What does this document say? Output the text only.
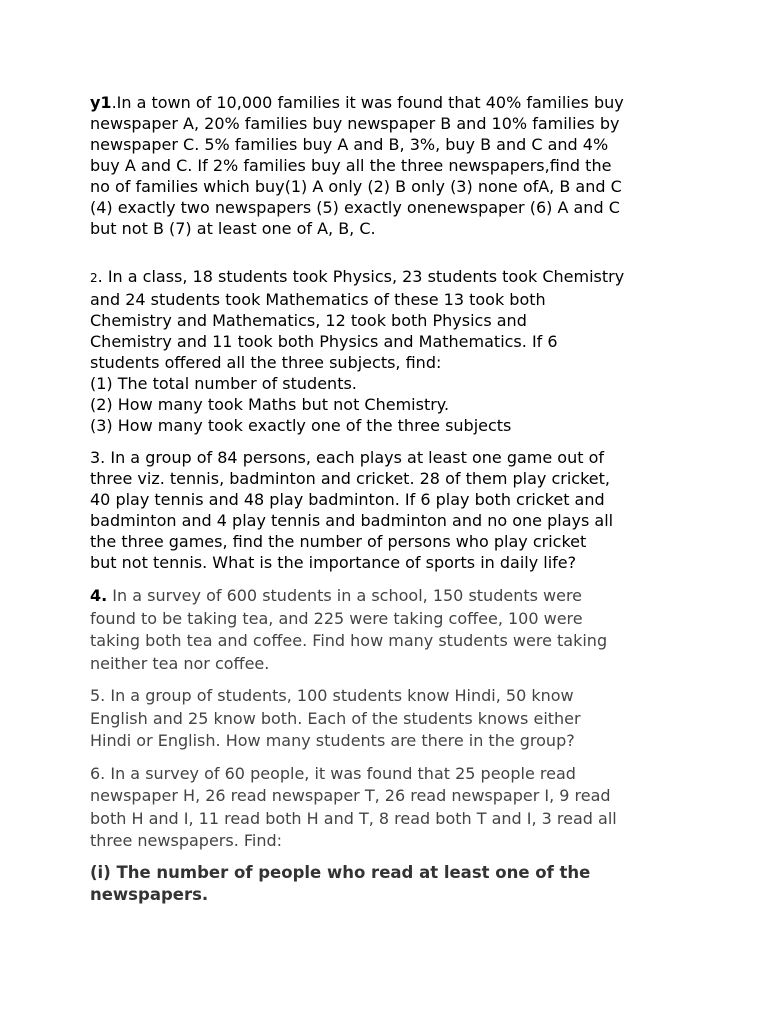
y1.In a town of 10,000 families it was found that 40% families buy
newspaper A, 20% families buy newspaper B and 10% families by
newspaper C. 5% families buy A and B, 3%, buy B and C and 4%
buy A and C. If 2% families buy all the three newspapers,find the
no of families which buy(1) A only (2) B only (3) none ofA, B and C
(4) exactly two newspapers (5) exactly onenewspaper (6) A and C
but not B (7) at least one of A, B, C.

2. In a class, 18 students took Physics, 23 students took Chemistry
and 24 students took Mathematics of these 13 took both
Chemistry and Mathematics, 12 took both Physics and
Chemistry and 11 took both Physics and Mathematics. If 6
students offered all the three subjects, find:
(1) The total number of students.
(2) How many took Maths but not Chemistry.
(3) How many took exactly one of the three subjects

3. In a group of 84 persons, each plays at least one game out of
three viz. tennis, badminton and cricket. 28 of them play cricket,
40 play tennis and 48 play badminton. If 6 play both cricket and
badminton and 4 play tennis and badminton and no one plays all
the three games, find the number of persons who play cricket
but not tennis. What is the importance of sports in daily life?

4. In a survey of 600 students in a school, 150 students were
found to be taking tea, and 225 were taking coffee, 100 were
taking both tea and coffee. Find how many students were taking
neither tea nor coffee.

5. In a group of students, 100 students know Hindi, 50 know
English and 25 know both. Each of the students knows either
Hindi or English. How many students are there in the group?

6. In a survey of 60 people, it was found that 25 people read
newspaper H, 26 read newspaper T, 26 read newspaper I, 9 read
both H and I, 11 read both H and T, 8 read both T and I, 3 read all
three newspapers. Find:

(i) The number of people who read at least one of the
newspapers.
